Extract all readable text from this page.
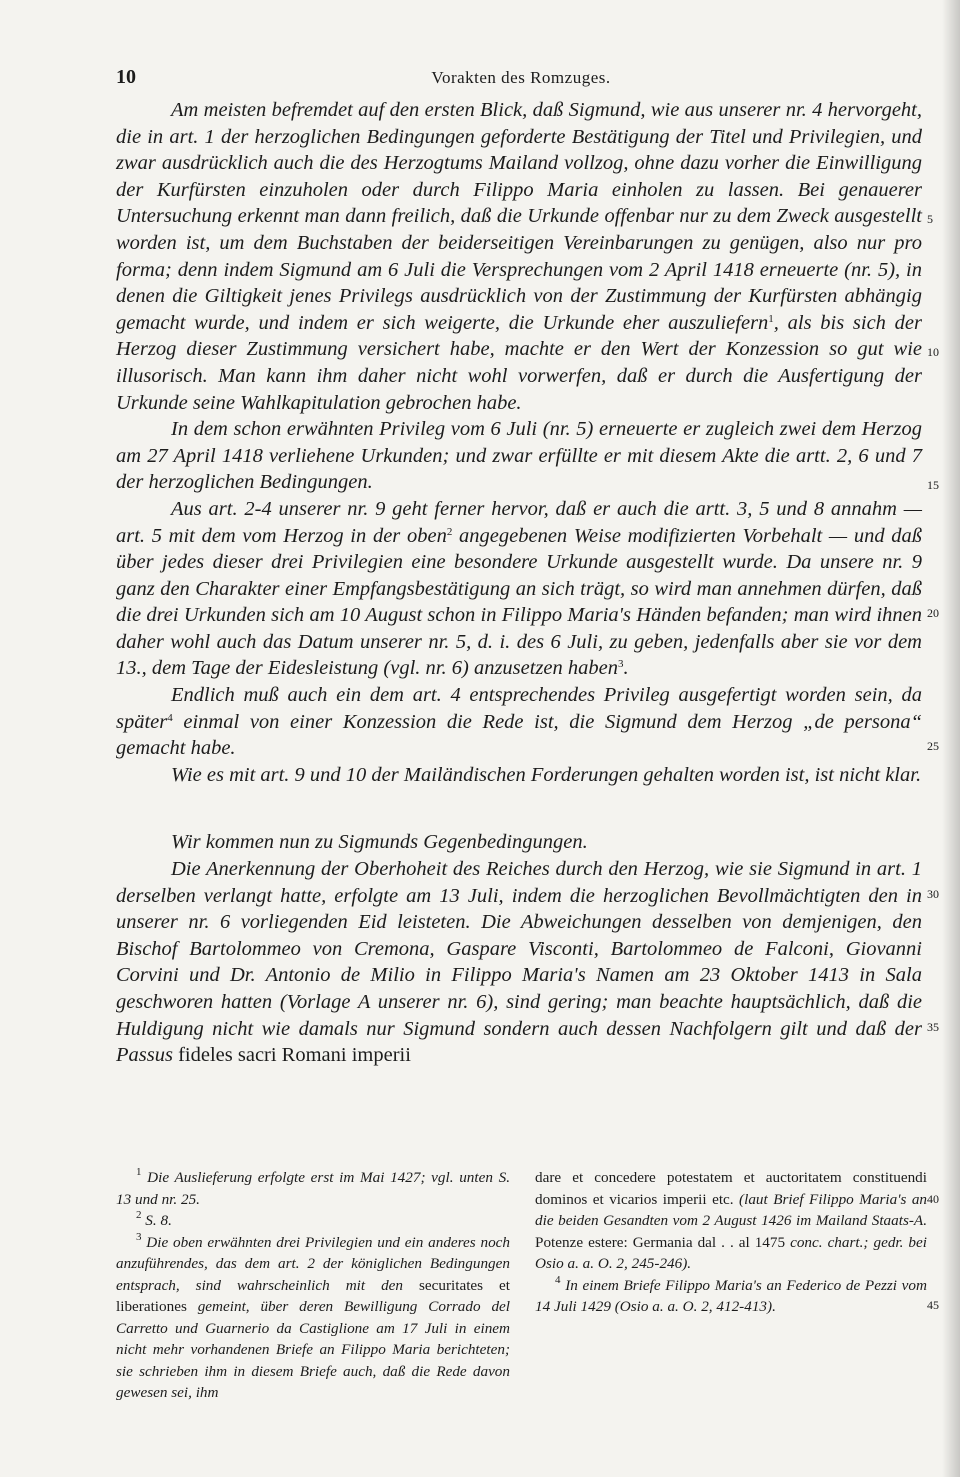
10	Vorakten des Romzuges.

Am meisten befremdet auf den ersten Blick, daß Sigmund, wie aus unserer nr. 4 hervorgeht, die in art. 1 der herzoglichen Bedingungen geforderte Bestätigung der Titel und Privilegien, und zwar ausdrücklich auch die des Herzogtums Mailand vollzog, ohne dazu vorher die Einwilligung der Kurfürsten einzuholen oder durch Filippo Maria einholen zu lassen. Bei genauerer Untersuchung erkennt man dann freilich, daß die Urkunde offenbar nur zu dem Zweck ausgestellt worden ist, um dem Buchstaben der beiderseitigen Vereinbarungen zu genügen, also nur pro forma; denn indem Sigmund am 6 Juli die Versprechungen vom 2 April 1418 erneuerte (nr. 5), in denen die Giltigkeit jenes Privilegs ausdrücklich von der Zustimmung der Kurfürsten abhängig gemacht wurde, und indem er sich weigerte, die Urkunde eher auszuliefern$^1$, als bis sich der Herzog dieser Zustimmung versichert habe, machte er den Wert der Konzession so gut wie illusorisch. Man kann ihm daher nicht wohl vorwerfen, daß er durch die Ausfertigung der Urkunde seine Wahlkapitulation gebrochen habe.

In dem schon erwähnten Privileg vom 6 Juli (nr. 5) erneuerte er zugleich zwei dem Herzog am 27 April 1418 verliehene Urkunden; und zwar erfüllte er mit diesem Akte die artt. 2, 6 und 7 der herzoglichen Bedingungen.

Aus art. 2-4 unserer nr. 9 geht ferner hervor, daß er auch die artt. 3, 5 und 8 annahm — art. 5 mit dem vom Herzog in der oben$^2$ angegebenen Weise modifizierten Vorbehalt — und daß über jedes dieser drei Privilegien eine besondere Urkunde ausgestellt wurde. Da unsere nr. 9 ganz den Charakter einer Empfangsbestätigung an sich trägt, so wird man annehmen dürfen, daß die drei Urkunden sich am 10 August schon in Filippo Maria's Händen befanden; man wird ihnen daher wohl auch das Datum unserer nr. 5, d. i. des 6 Juli, zu geben, jedenfalls aber sie vor dem 13., dem Tage der Eidesleistung (vgl. nr. 6) anzusetzen haben$^3$.

Endlich muß auch ein dem art. 4 entsprechendes Privileg ausgefertigt worden sein, da später$^4$ einmal von einer Konzession die Rede ist, die Sigmund dem Herzog „de persona“ gemacht habe.

Wie es mit art. 9 und 10 der Mailändischen Forderungen gehalten worden ist, ist nicht klar.

Wir kommen nun zu Sigmunds Gegenbedingungen.

Die Anerkennung der Oberhoheit des Reiches durch den Herzog, wie sie Sigmund in art. 1 derselben verlangt hatte, erfolgte am 13 Juli, indem die herzoglichen Bevollmächtigten den in unserer nr. 6 vorliegenden Eid leisteten. Die Abweichungen desselben von demjenigen, den Bischof Bartolommeo von Cremona, Gaspare Visconti, Bartolommeo de Falconi, Giovanni Corvini und Dr. Antonio de Milio in Filippo Maria's Namen am 23 Oktober 1413 in Sala geschworen hatten (Vorlage A unserer nr. 6), sind gering; man beachte hauptsächlich, daß die Huldigung nicht wie damals nur Sigmund sondern auch dessen Nachfolgern gilt und daß der Passus fideles sacri Romani imperii

5
10
15
20
25
30
35
40
45

$^1$ Die Auslieferung erfolgte erst im Mai 1427; vgl. unten S. 13 und nr. 25.

$^2$ S. 8.

$^3$ Die oben erwähnten drei Privilegien und ein anderes noch anzuführendes, das dem art. 2 der königlichen Bedingungen entsprach, sind wahrscheinlich mit den securitates et liberationes gemeint, über deren Bewilligung Corrado del Carretto und Guarnerio da Castiglione am 17 Juli in einem nicht mehr vorhandenen Briefe an Filippo Maria berichteten; sie schrieben ihm in diesem Briefe auch, daß die Rede davon gewesen sei, ihm

dare et concedere potestatem et auctoritatem constituendi dominos et vicarios imperii etc. (laut Brief Filippo Maria's an die beiden Gesandten vom 2 August 1426 im Mailand Staats-A. Potenze estere: Germania dal . . al 1475 conc. chart.; gedr. bei Osio a. a. O. 2, 245-246).

$^4$ In einem Briefe Filippo Maria's an Federico de Pezzi vom 14 Juli 1429 (Osio a. a. O. 2, 412-413).
